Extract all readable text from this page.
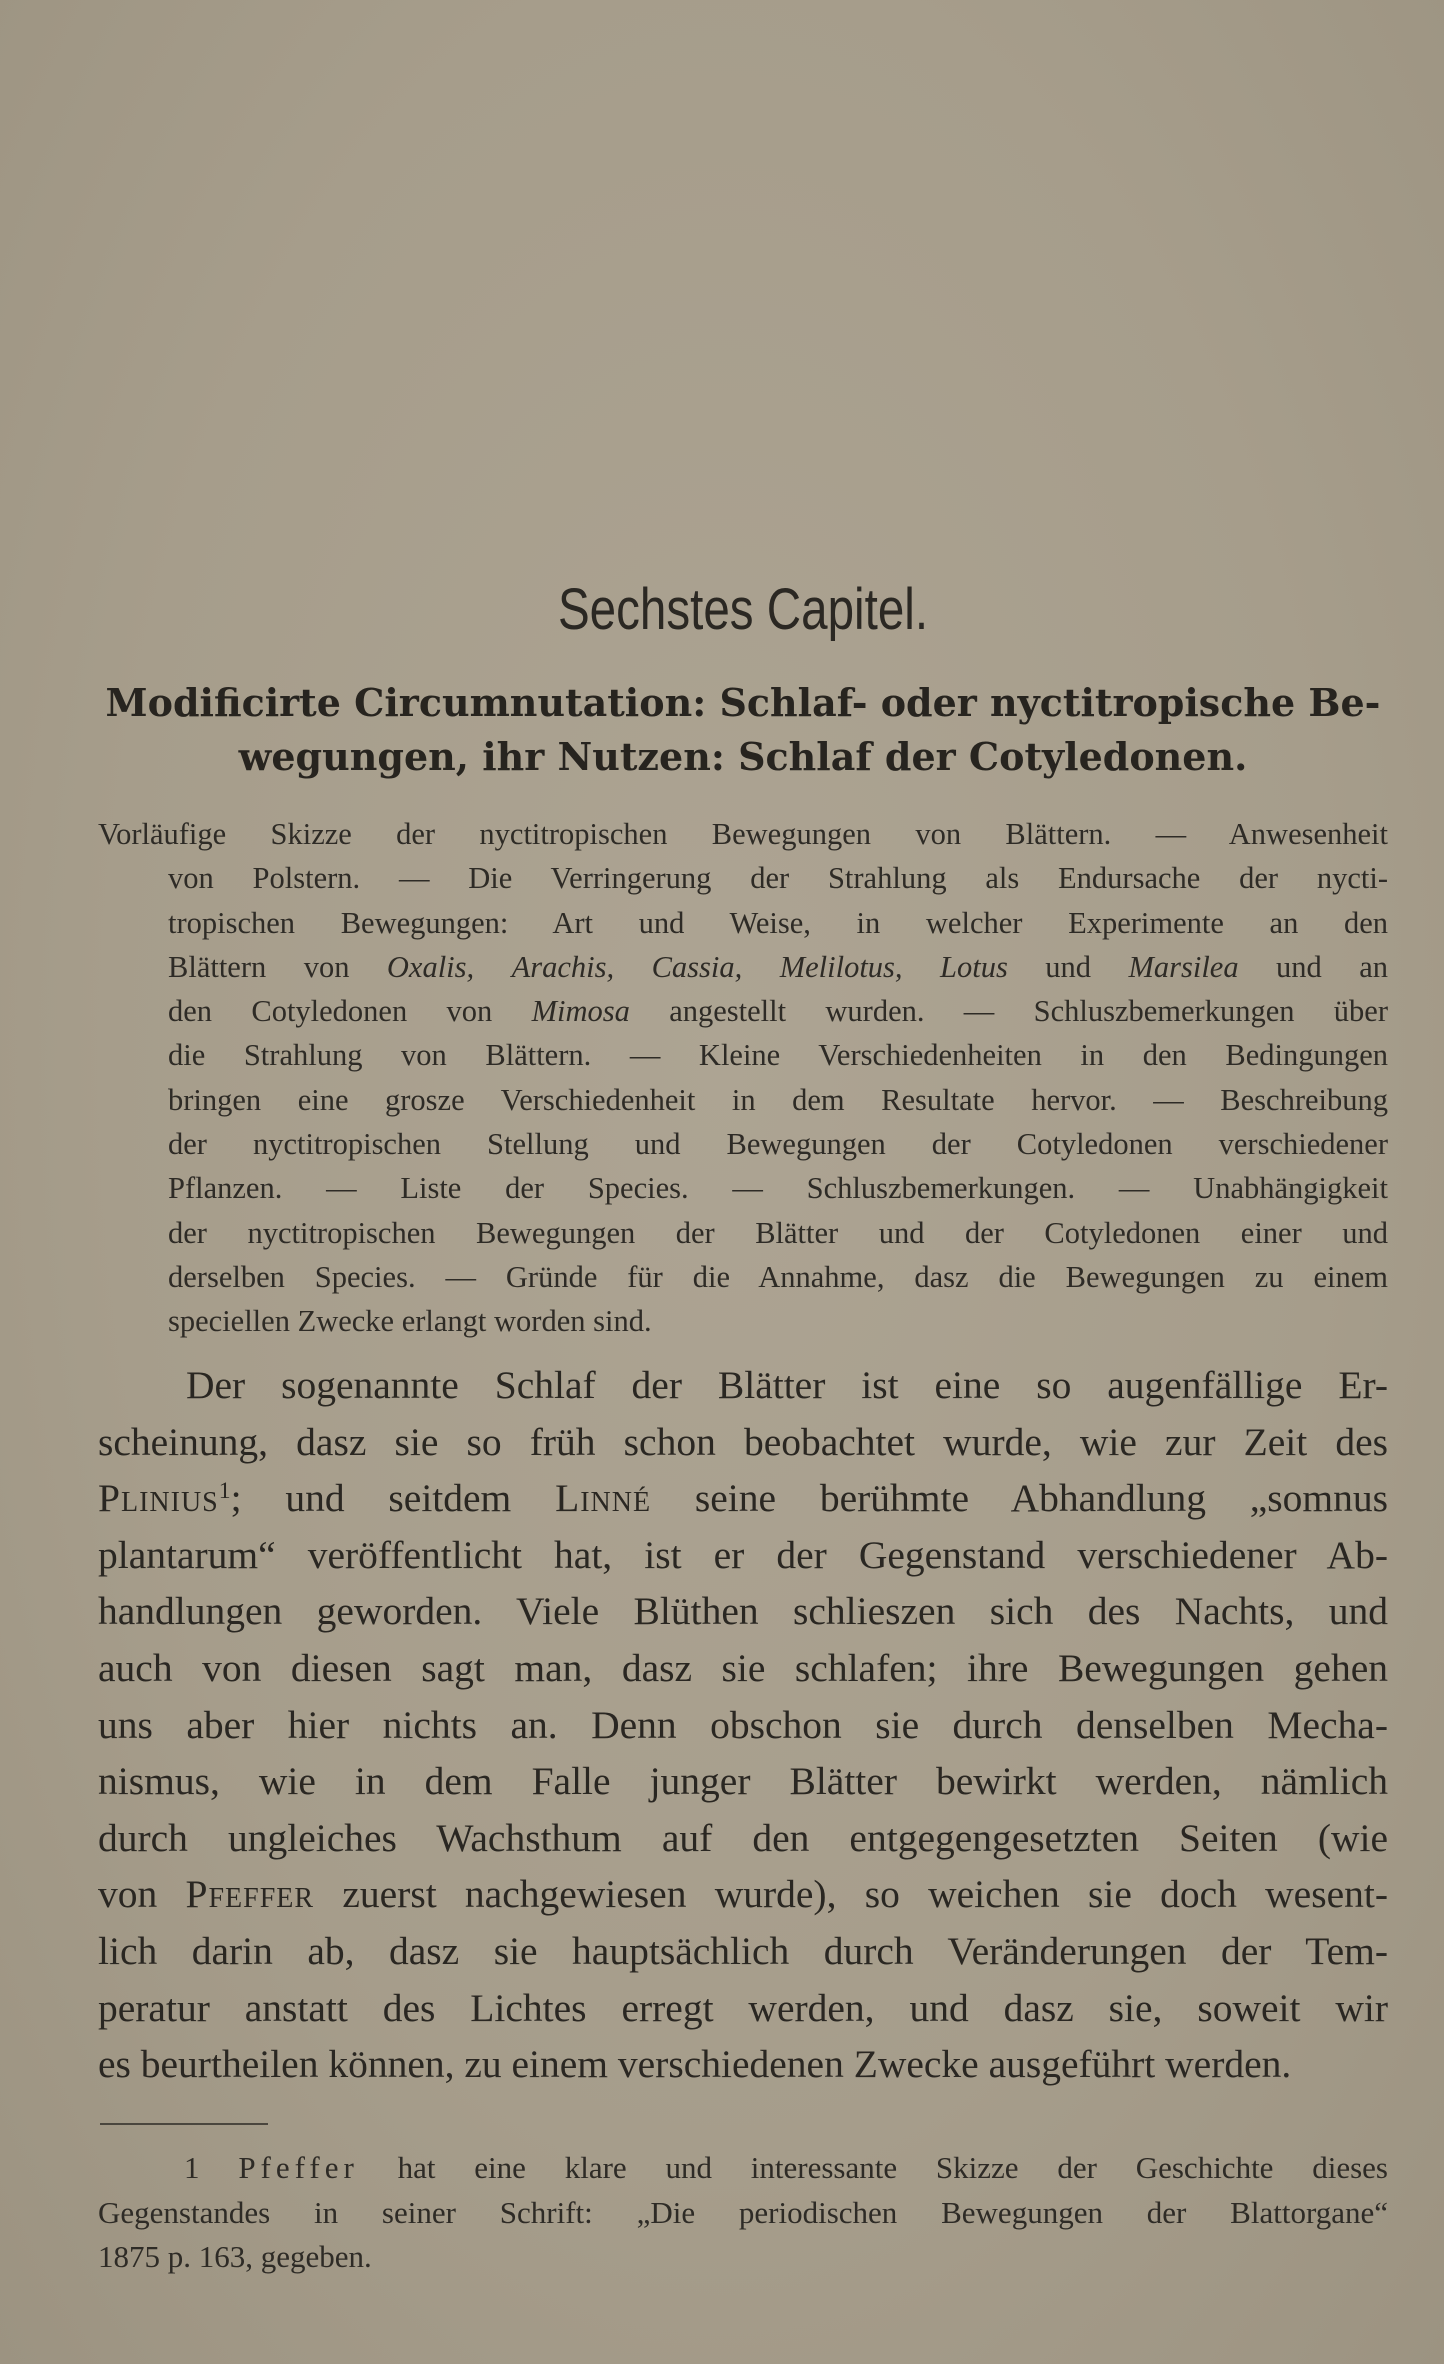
Sechstes Capitel.
Modificirte Circumnutation: Schlaf- oder nyctitropische Be-
wegungen, ihr Nutzen: Schlaf der Cotyledonen.
Vorläufige Skizze der nyctitropischen Bewegungen von Blättern. — Anwesenheit
von Polstern. — Die Verringerung der Strahlung als Endursache der nycti-
tropischen Bewegungen: Art und Weise, in welcher Experimente an den
Blättern von Oxalis, Arachis, Cassia, Melilotus, Lotus und Marsilea und an
den Cotyledonen von Mimosa angestellt wurden. — Schluszbemerkungen über
die Strahlung von Blättern. — Kleine Verschiedenheiten in den Bedingungen
bringen eine grosze Verschiedenheit in dem Resultate hervor. — Beschreibung
der nyctitropischen Stellung und Bewegungen der Cotyledonen verschiedener
Pflanzen. — Liste der Species. — Schluszbemerkungen. — Unabhängigkeit
der nyctitropischen Bewegungen der Blätter und der Cotyledonen einer und
derselben Species. — Gründe für die Annahme, dasz die Bewegungen zu einem
speciellen Zwecke erlangt worden sind.
Der sogenannte Schlaf der Blätter ist eine so augenfällige Er-
scheinung, dasz sie so früh schon beobachtet wurde, wie zur Zeit des
Plinius$^1$; und seitdem Linné seine berühmte Abhandlung „somnus
plantarum“ veröffentlicht hat, ist er der Gegenstand verschiedener Ab-
handlungen geworden. Viele Blüthen schlieszen sich des Nachts, und
auch von diesen sagt man, dasz sie schlafen; ihre Bewegungen gehen
uns aber hier nichts an. Denn obschon sie durch denselben Mecha-
nismus, wie in dem Falle junger Blätter bewirkt werden, nämlich
durch ungleiches Wachsthum auf den entgegengesetzten Seiten (wie
von Pfeffer zuerst nachgewiesen wurde), so weichen sie doch wesent-
lich darin ab, dasz sie hauptsächlich durch Veränderungen der Tem-
peratur anstatt des Lichtes erregt werden, und dasz sie, soweit wir
es beurtheilen können, zu einem verschiedenen Zwecke ausgeführt werden.
1 Pfeffer hat eine klare und interessante Skizze der Geschichte dieses
Gegenstandes in seiner Schrift: „Die periodischen Bewegungen der Blattorgane“
1875 p. 163, gegeben.
